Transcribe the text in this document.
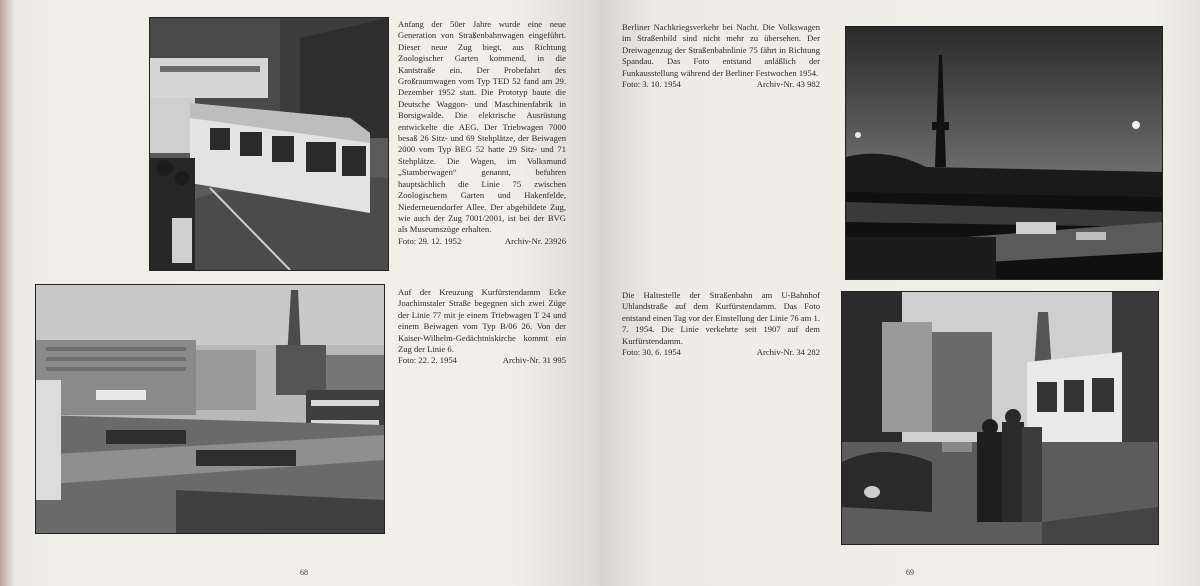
Anfang der 50er Jahre wurde eine neue Generation von Straßenbahnwagen eingeführt. Dieser neue Zug biegt, aus Richtung Zoologischer Garten kommend, in die Kantstraße ein. Der Probefahrt des Großraumwagen vom Typ TED 52 fand am 29. Dezember 1952 statt. Die Prototyp baute die Deutsche Waggon- und Maschinenfabrik in Borsigwalde. Die elektrische Ausrüstung entwickelte die AEG. Der Triebwagen 7000 besaß 26 Sitz- und 69 Stehplätze, der Beiwagen 2000 vom Typ BEG 52 hatte 29 Sitz- und 71 Stehplätze. Die Wagen, im Volksmund „Stamberwagen“ genannt, befuhren hauptsächlich die Linie 75 zwischen Zoologischem Garten und Hakenfelde, Niederneuendorfer Allee. Der abgebildete Zug, wie auch der Zug 7001/2001, ist bei der BVG als Museumszüge erhalten.

Foto: 29. 12. 1952	Archiv-Nr. 23926

Auf der Kreuzung Kurfürstendamm Ecke Joachimstaler Straße begegnen sich zwei Züge der Linie 77 mit je einem Triebwagen T 24 und einem Beiwagen vom Typ B/06 26. Von der Kaiser-Wilhelm-Gedächtniskirche kommt ein Zug der Linie 6.

Foto: 22. 2. 1954	Archiv-Nr. 31 995
68

Berliner Nachkriegsverkehr bei Nacht. Die Volkswagen im Straßenbild sind nicht mehr zu übersehen. Der Dreiwagenzug der Straßenbahnlinie 75 fährt in Richtung Spandau. Das Foto entstand anläßlich der Funkausstellung während der Berliner Festwochen 1954.

Foto: 3. 10. 1954	Archiv-Nr. 43 982

Die Haltestelle der Straßenbahn am U-Bahnhof Uhlandstraße auf dem Kurfürstendamm. Das Foto entstand einen Tag vor der Einstellung der Linie 76 am 1. 7. 1954. Die Linie verkehrte seit 1907 auf dem Kurfürstendamm.

Foto: 30. 6. 1954	Archiv-Nr. 34 282
69
